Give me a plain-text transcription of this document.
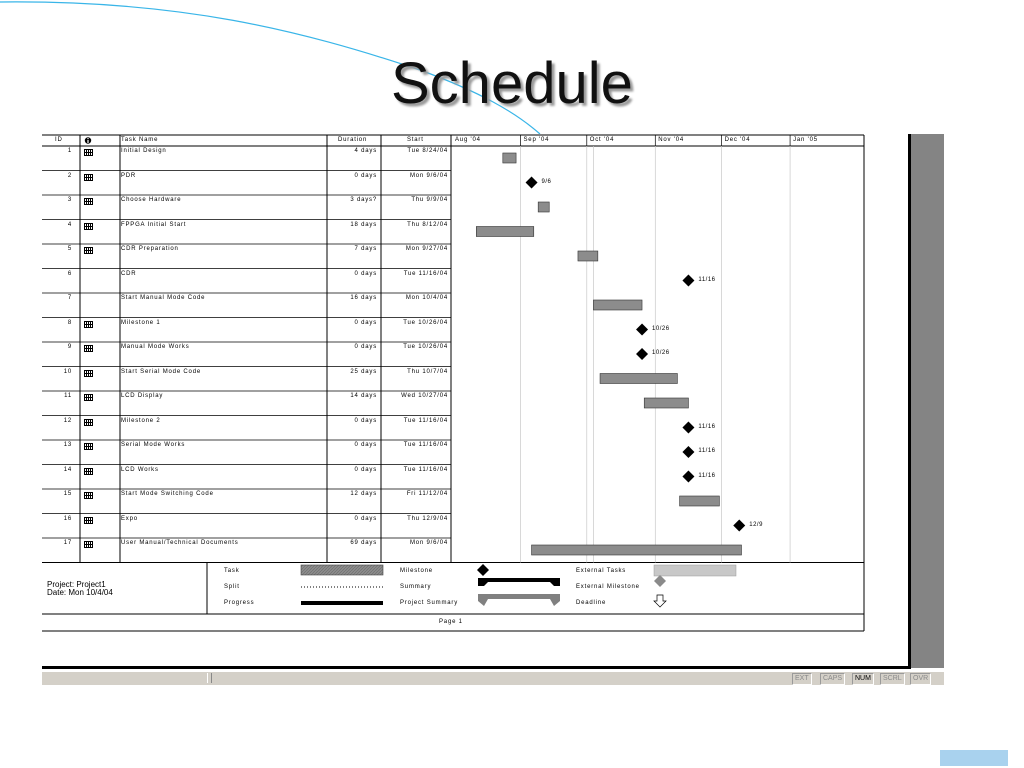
Schedule
ID	Task Name	Duration	Start	Aug '04	Sep '04	Oct '04	Nov '04	Dec '04	Jan '05
1	Initial Design	4 days	Tue 8/24/04
2	PDR	0 days	Mon 9/6/04
3	Choose Hardware	3 days?	Thu 9/9/04
4	FPPGA Initial Start	18 days	Thu 8/12/04
5	CDR Preparation	7 days	Mon 9/27/04
6	CDR	0 days	Tue 11/16/04
7	Start Manual Mode Code	16 days	Mon 10/4/04
8	Milestone 1	0 days	Tue 10/26/04
9	Manual Mode Works	0 days	Tue 10/26/04
10	Start Serial Mode Code	25 days	Thu 10/7/04
11	LCD Display	14 days	Wed 10/27/04
12	Milestone 2	0 days	Tue 11/16/04
13	Serial Mode Works	0 days	Tue 11/16/04
14	LCD Works	0 days	Tue 11/16/04
15	Start Mode Switching Code	12 days	Fri 11/12/04
16	Expo	0 days	Thu 12/9/04
17	User Manual/Technical Documents	69 days	Mon 9/6/04
9/6
11/16
10/26
10/26
11/16
11/16
11/16
12/9
Project: Project1
Date: Mon 10/4/04
Task
Split
Progress
Milestone
Summary
Project Summary
External Tasks
External Milestone
Deadline
Page 1
EXT	CAPS	NUM	SCRL	OVR
